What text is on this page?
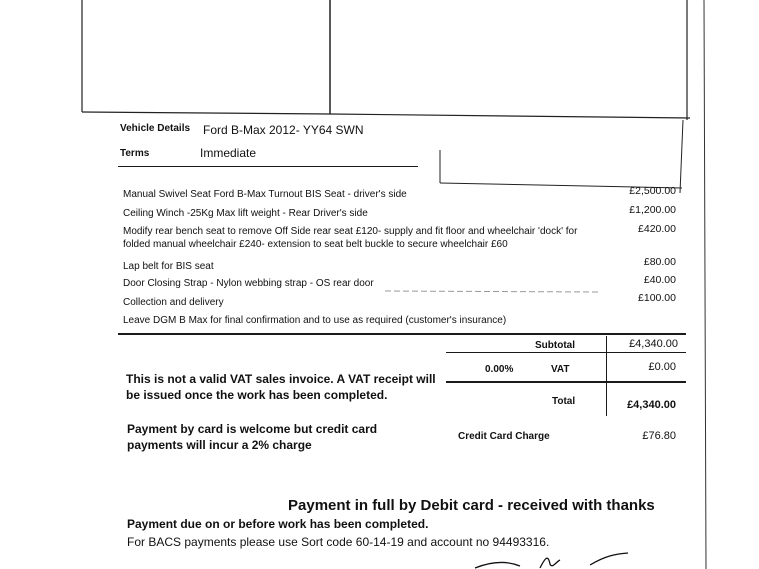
Vehicle Details Ford B-Max 2012- YY64 SWN
Terms	Immediate
Manual Swivel Seat Ford B-Max Turnout BIS Seat - driver's side	£2,500.00
Ceiling Winch -25Kg Max lift weight - Rear Driver's side	£1,200.00
Modify rear bench seat to remove Off Side rear seat £120- supply and fit floor and wheelchair 'dock' for
folded manual wheelchair £240- extension to seat belt buckle to secure wheelchair £60
£420.00
Lap belt for BIS seat	£80.00
Door Closing Strap - Nylon webbing strap - OS rear door	£40.00
Collection and delivery	£100.00
Leave DGM B Max for final confirmation and to use as required (customer's insurance)
Subtotal	£4,340.00
0.00%	VAT	£0.00
Total	£4,340.00
Credit Card Charge	£76.80
This is not a valid VAT sales invoice. A VAT receipt will be issued once the work has been completed.
Payment by card is welcome but credit card payments will incur a 2% charge
Payment in full by Debit card - received with thanks
Payment due on or before work has been completed.
For BACS payments please use Sort code 60-14-19 and account no 94493316.
